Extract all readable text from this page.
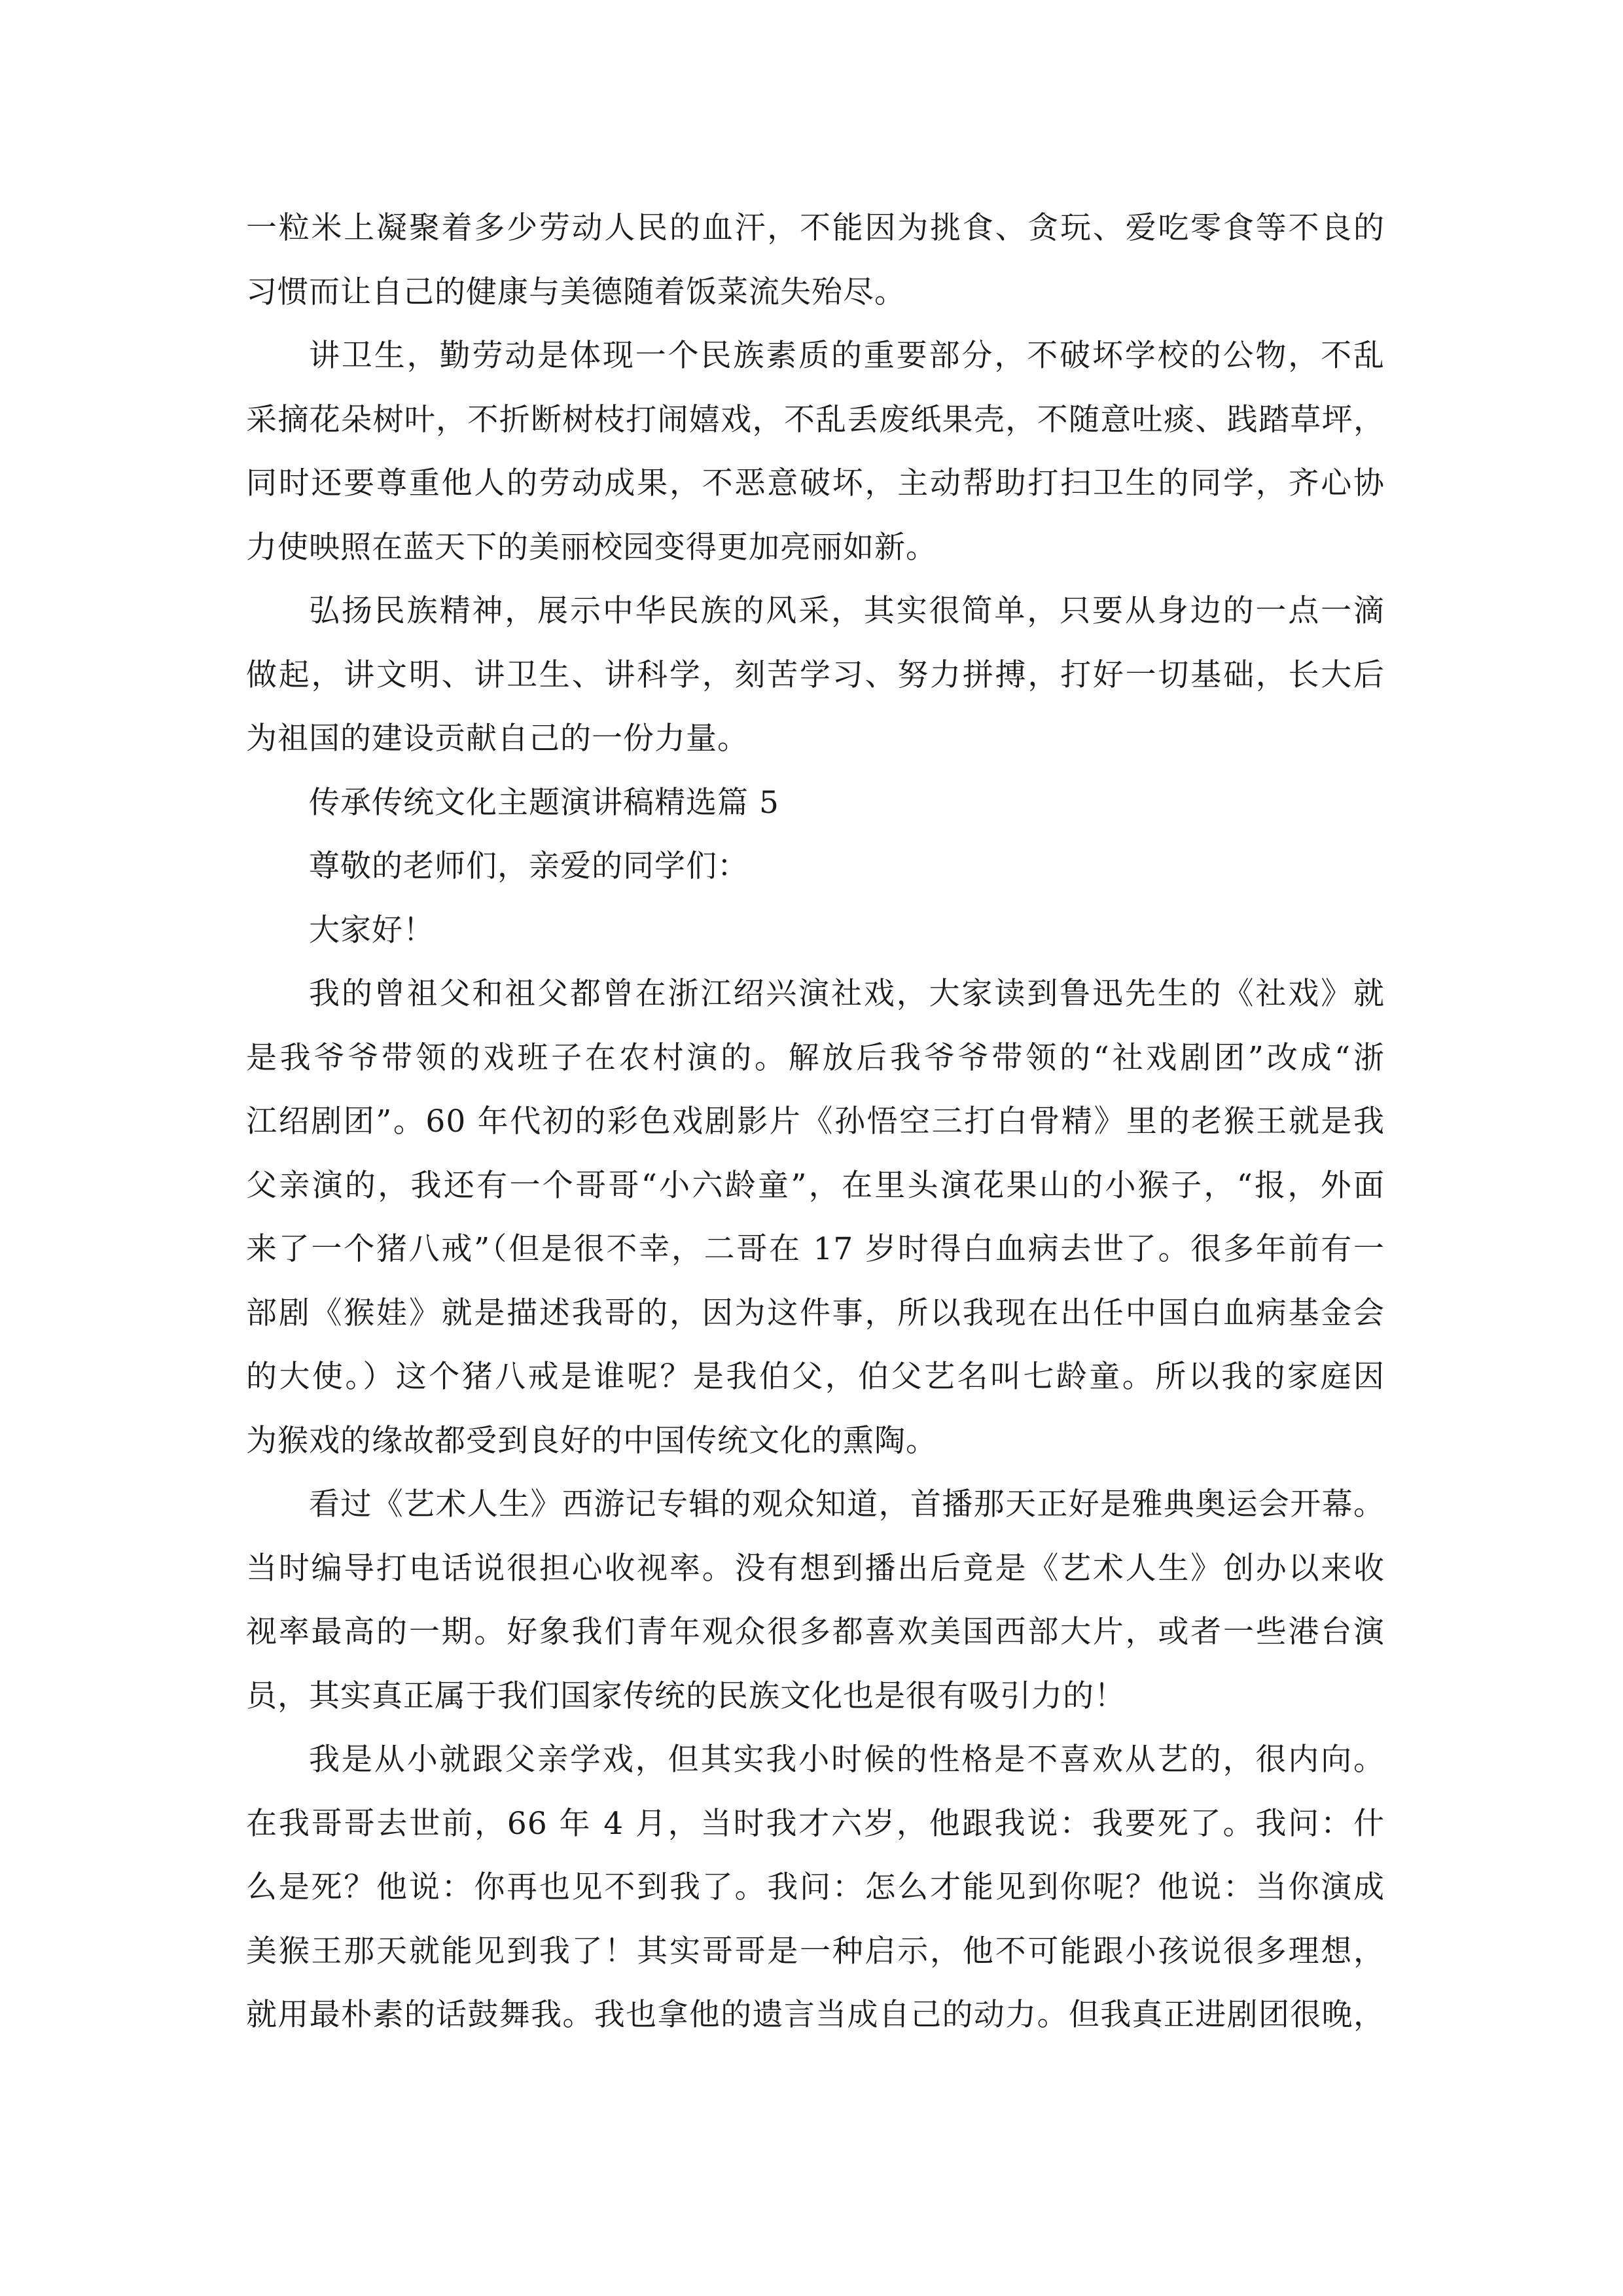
一粒米上凝聚着多少劳动人民的血汗，不能因为挑食、贪玩、爱吃零食等不良的
习惯而让自己的健康与美德随着饭菜流失殆尽。
讲卫生，勤劳动是体现一个民族素质的重要部分，不破坏学校的公物，不乱
采摘花朵树叶，不折断树枝打闹嬉戏，不乱丢废纸果壳，不随意吐痰、践踏草坪，
同时还要尊重他人的劳动成果，不恶意破坏，主动帮助打扫卫生的同学，齐心协
力使映照在蓝天下的美丽校园变得更加亮丽如新。
弘扬民族精神，展示中华民族的风采，其实很简单，只要从身边的一点一滴
做起，讲文明、讲卫生、讲科学，刻苦学习、努力拼搏，打好一切基础，长大后
为祖国的建设贡献自己的一份力量。
传承传统文化主题演讲稿精选篇 5
尊敬的老师们，亲爱的同学们：
大家好！
我的曾祖父和祖父都曾在浙江绍兴演社戏，大家读到鲁迅先生的《社戏》就
是我爷爷带领的戏班子在农村演的。解放后我爷爷带领的“社戏剧团”改成“浙
江绍剧团”。60 年代初的彩色戏剧影片《孙悟空三打白骨精》里的老猴王就是我
父亲演的，我还有一个哥哥“小六龄童”，在里头演花果山的小猴子，“报，外面
来了一个猪八戒”（但是很不幸，二哥在 17 岁时得白血病去世了。很多年前有一
部剧《猴娃》就是描述我哥的，因为这件事，所以我现在出任中国白血病基金会
的大使。）这个猪八戒是谁呢？是我伯父，伯父艺名叫七龄童。所以我的家庭因
为猴戏的缘故都受到良好的中国传统文化的熏陶。
看过《艺术人生》西游记专辑的观众知道，首播那天正好是雅典奥运会开幕。
当时编导打电话说很担心收视率。没有想到播出后竟是《艺术人生》创办以来收
视率最高的一期。好象我们青年观众很多都喜欢美国西部大片，或者一些港台演
员，其实真正属于我们国家传统的民族文化也是很有吸引力的！
我是从小就跟父亲学戏，但其实我小时候的性格是不喜欢从艺的，很内向。
在我哥哥去世前，66 年 4 月，当时我才六岁，他跟我说：我要死了。我问：什
么是死？他说：你再也见不到我了。我问：怎么才能见到你呢？他说：当你演成
美猴王那天就能见到我了！其实哥哥是一种启示，他不可能跟小孩说很多理想，
就用最朴素的话鼓舞我。我也拿他的遗言当成自己的动力。但我真正进剧团很晚，
